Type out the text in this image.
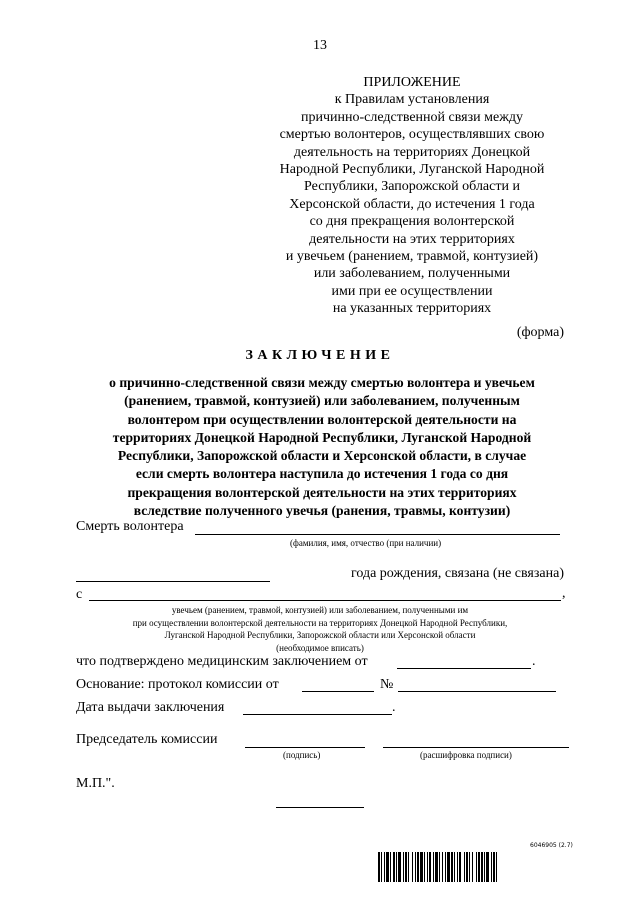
13
ПРИЛОЖЕНИЕ
к Правилам установления
причинно-следственной связи между
смертью волонтеров, осуществлявших свою
деятельность на территориях Донецкой
Народной Республики, Луганской Народной
Республики, Запорожской области и
Херсонской области, до истечения 1 года
со дня прекращения волонтерской
деятельности на этих территориях
и увечьем (ранением, травмой, контузией)
или заболеванием, полученными
ими при ее осуществлении
на указанных территориях
(форма)
ЗАКЛЮЧЕНИЕ
о причинно-следственной связи между смертью волонтера и увечьем
(ранением, травмой, контузией) или заболеванием, полученным
волонтером при осуществлении волонтерской деятельности на
территориях Донецкой Народной Республики, Луганской Народной
Республики, Запорожской области и Херсонской области, в случае
если смерть волонтера наступила до истечения 1 года со дня
прекращения волонтерской деятельности на этих территориях
вследствие полученного увечья (ранения, травмы, контузии)
Смерть волонтера
(фамилия, имя, отчество (при наличии)
года рождения, связана (не связана)
с	,
увечьем (ранением, травмой, контузией) или заболеванием, полученными им
при осуществлении волонтерской деятельности на территориях Донецкой Народной Республики,
Луганской Народной Республики, Запорожской области или Херсонской области
(необходимое вписать)
что подтверждено медицинским заключением от	.
Основание: протокол комиссии от	№
Дата выдачи заключения	.
Председатель комиссии
(подпись)	(расшифровка подписи)
М.П.".
6046905 (2.7)
